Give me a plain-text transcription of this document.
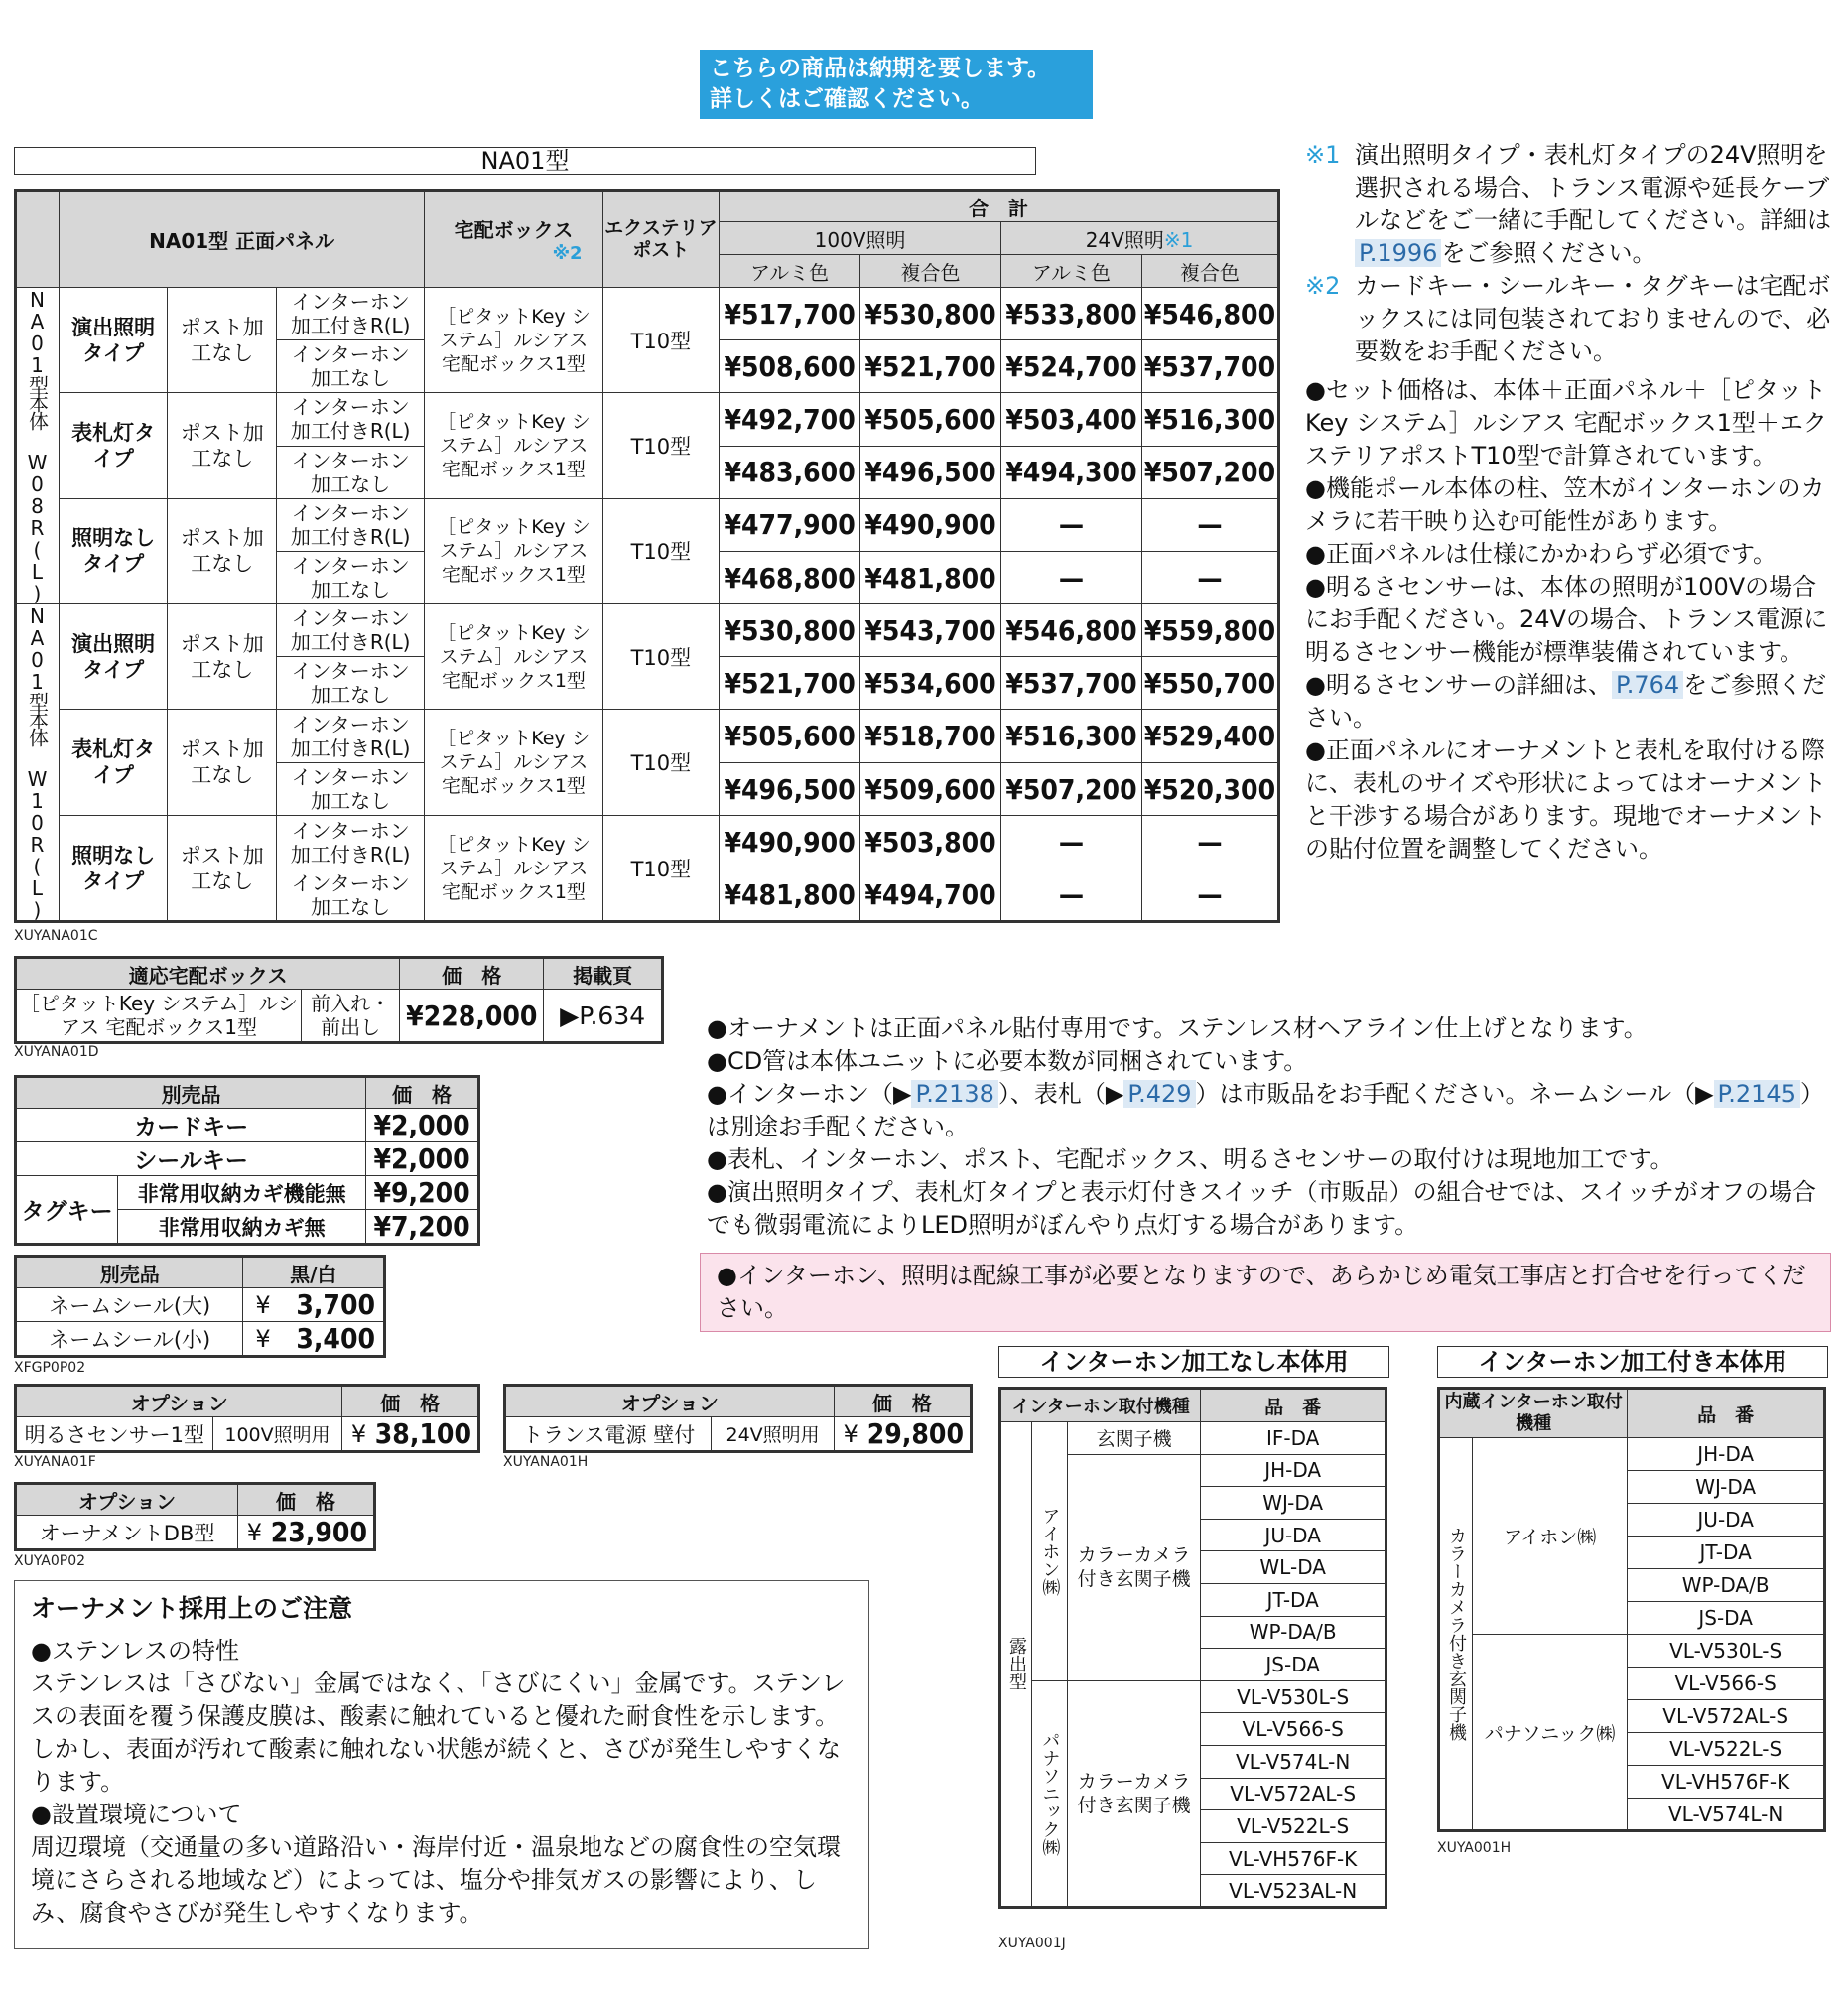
こちらの商品は納期を要します。
詳しくはご確認ください。
NA01型
	NA01型 正面パネル			宅配ボックス
※2	エクステリアポスト	合　計			
						100V照明		24V照明※1	
						アルミ色	複合色	アルミ色	複合色
NA01型本体 W08R(L)	演出照明タイプ	ポスト加工なし	インターホン加工付きR(L)	［ピタットKey システム］ルシアス宅配ボックス1型	T10型	¥517,700	¥530,800	¥533,800	¥546,800
			インターホン加工なし			¥508,600	¥521,700	¥524,700	¥537,700
	表札灯タイプ	ポスト加工なし	インターホン加工付きR(L)	［ピタットKey システム］ルシアス宅配ボックス1型	T10型	¥492,700	¥505,600	¥503,400	¥516,300
			インターホン加工なし			¥483,600	¥496,500	¥494,300	¥507,200
	照明なしタイプ	ポスト加工なし	インターホン加工付きR(L)	［ピタットKey システム］ルシアス宅配ボックス1型	T10型	¥477,900	¥490,900	—	—
			インターホン加工なし			¥468,800	¥481,800	—	—
NA01型本体 W10R(L)	演出照明タイプ	ポスト加工なし	インターホン加工付きR(L)	［ピタットKey システム］ルシアス宅配ボックス1型	T10型	¥530,800	¥543,700	¥546,800	¥559,800
			インターホン加工なし			¥521,700	¥534,600	¥537,700	¥550,700
	表札灯タイプ	ポスト加工なし	インターホン加工付きR(L)	［ピタットKey システム］ルシアス宅配ボックス1型	T10型	¥505,600	¥518,700	¥516,300	¥529,400
			インターホン加工なし			¥496,500	¥509,600	¥507,200	¥520,300
	照明なしタイプ	ポスト加工なし	インターホン加工付きR(L)	［ピタットKey システム］ルシアス宅配ボックス1型	T10型	¥490,900	¥503,800	—	—
			インターホン加工なし			¥481,800	¥494,700	—	—
XUYANA01C
適応宅配ボックス		価　格	掲載頁
［ピタットKey システム］ルシアス 宅配ボックス1型	前入れ・前出し	¥228,000	▶P.634
XUYANA01D
別売品		価　格
カードキー		¥2,000
シールキー		¥2,000
タグキー	非常用収納カギ機能無	¥9,200
	非常用収納カギ無	¥7,200
別売品	黒/白	
ネームシール(大)	¥	3,700
ネームシール(小)	¥	3,400
XFGP0P02
オプション		価　格	
明るさセンサー1型	100V照明用	¥	38,100
XUYANA01F
オプション		価　格	
トランス電源 壁付	24V照明用	¥	29,800
XUYANA01H
オプション	価　格	
オーナメントDB型	¥	23,900
XUYA0P02
オーナメント採用上のご注意
●ステンレスの特性
ステンレスは「さびない」金属ではなく、「さびにくい」金属です。ステンレスの表面を覆う保護皮膜は、酸素に触れていると優れた耐食性を示します。しかし、表面が汚れて酸素に触れない状態が続くと、さびが発生しやすくなります。
●設置環境について
周辺環境（交通量の多い道路沿い・海岸付近・温泉地などの腐食性の空気環境にさらされる地域など）によっては、塩分や排気ガスの影響により、しみ、腐食やさびが発生しやすくなります。
※1 演出照明タイプ・表札灯タイプの24V照明を選択される場合、トランス電源や延長ケーブルなどをご一緒に手配してください。詳細はP.1996 をご参照ください。
※2 カードキー・シールキー・タグキーは宅配ボックスには同包装されておりませんので、必要数をお手配ください。
●セット価格は、本体＋正面パネル＋［ピタットKey システム］ルシアス 宅配ボックス1型＋エクステリアポストT10型で計算されています。
●機能ポール本体の柱、笠木がインターホンのカメラに若干映り込む可能性があります。
●正面パネルは仕様にかかわらず必須です。
●明るさセンサーは、本体の照明が100Vの場合にお手配ください。24Vの場合、トランス電源に明るさセンサー機能が標準装備されています。
●明るさセンサーの詳細は、 P.764 をご参照ください。
●正面パネルにオーナメントと表札を取付ける際に、表札のサイズや形状によってはオーナメントと干渉する場合があります。現地でオーナメントの貼付位置を調整してください。
●オーナメントは正面パネル貼付専用です。ステンレス材ヘアライン仕上げとなります。
●CD管は本体ユニットに必要本数が同梱されています。
●インターホン（▶ P.2138 ）、表札（▶ P.429 ）は市販品をお手配ください。ネームシール（▶ P.2145 ）は別途お手配ください。
●表札、インターホン、ポスト、宅配ボックス、明るさセンサーの取付けは現地加工です。
●演出照明タイプ、表札灯タイプと表示灯付きスイッチ（市販品）の組合せでは、スイッチがオフの場合でも微弱電流によりLED照明がぼんやり点灯する場合があります。
●インターホン、照明は配線工事が必要となりますので、あらかじめ電気工事店と打合せを行ってください。
インターホン加工なし本体用
インターホン取付機種			品　番
露出型	アイホン㈱	玄関子機	IF-DA
		カラーカメラ付き玄関子機	JH-DA
			WJ-DA
			JU-DA
			WL-DA
			JT-DA
			WP-DA/B
			JS-DA
	パナソニック㈱	カラーカメラ付き玄関子機	VL-V530L-S
			VL-V566-S
			VL-V574L-N
			VL-V572AL-S
			VL-V522L-S
			VL-VH576F-K
			VL-V523AL-N
XUYA001J
インターホン加工付き本体用
内蔵インターホン取付機種		品　番
カラーカメラ付き玄関子機	アイホン㈱	JH-DA
		WJ-DA
		JU-DA
		JT-DA
		WP-DA/B
		JS-DA
	パナソニック㈱	VL-V530L-S
		VL-V566-S
		VL-V572AL-S
		VL-V522L-S
		VL-VH576F-K
		VL-V574L-N
XUYA001H
